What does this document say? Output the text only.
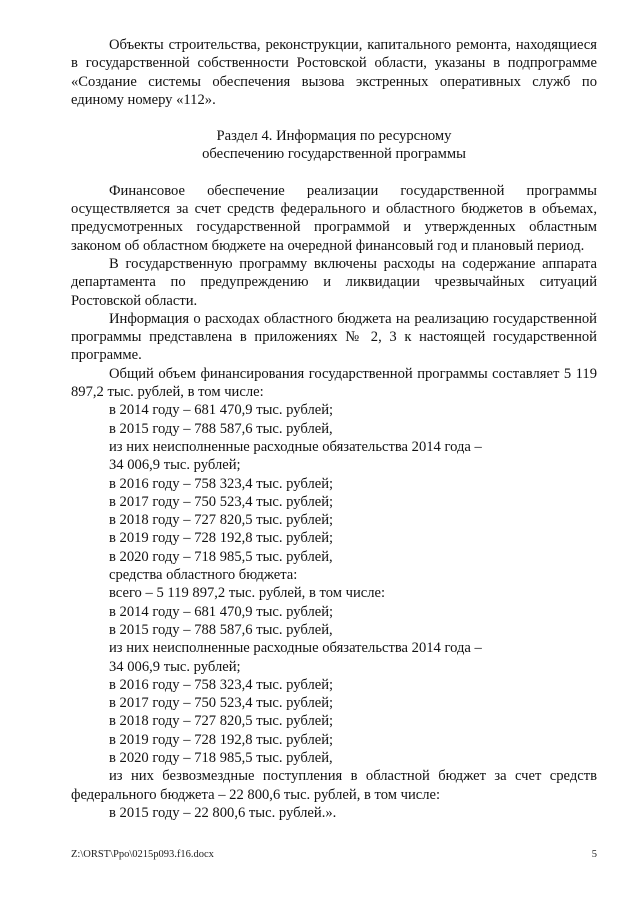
Объекты строительства, реконструкции, капитального ремонта, находящиеся в государственной собственности Ростовской области, указаны в подпрограмме «Создание системы обеспечения вызова экстренных оперативных служб по единому номеру «112».

Раздел 4. Информация по ресурсному

обеспечению государственной программы

Финансовое обеспечение реализации государственной программы осуществляется за счет средств федерального и областного бюджетов в объемах, предусмотренных государственной программой и утвержденных областным законом об областном бюджете на очередной финансовый год и плановый период.

В государственную программу включены расходы на содержание аппарата департамента по предупреждению и ликвидации чрезвычайных ситуаций Ростовской области.

Информация о расходах областного бюджета на реализацию государственной программы представлена в приложениях № 2, 3 к настоящей государственной программе.

Общий объем финансирования государственной программы составляет 5 119 897,2 тыс. рублей, в том числе:

в 2014 году – 681 470,9 тыс. рублей;

в 2015 году – 788 587,6 тыс. рублей,

из них неисполненные расходные обязательства 2014 года –

34 006,9 тыс. рублей;

в 2016 году – 758 323,4 тыс. рублей;

в 2017 году – 750 523,4 тыс. рублей;

в 2018 году – 727 820,5 тыс. рублей;

в 2019 году – 728 192,8 тыс. рублей;

в 2020 году – 718 985,5 тыс. рублей,

средства областного бюджета:

всего – 5 119 897,2 тыс. рублей, в том числе:

в 2014 году – 681 470,9 тыс. рублей;

в 2015 году – 788 587,6 тыс. рублей,

из них неисполненные расходные обязательства 2014 года –

34 006,9 тыс. рублей;

в 2016 году – 758 323,4 тыс. рублей;

в 2017 году – 750 523,4 тыс. рублей;

в 2018 году – 727 820,5 тыс. рублей;

в 2019 году – 728 192,8 тыс. рублей;

в 2020 году – 718 985,5 тыс. рублей,

из них безвозмездные поступления в областной бюджет за счет средств федерального бюджета – 22 800,6 тыс. рублей, в том числе:

в 2015 году – 22 800,6 тыс. рублей.».

Z:\ORST\Ppo\0215p093.f16.docx	5
